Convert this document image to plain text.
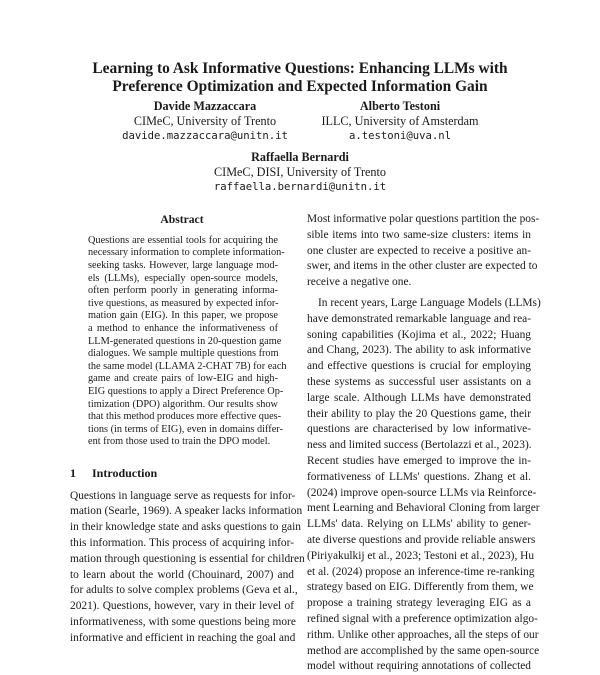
Learning to Ask Informative Questions: Enhancing LLMs with
Preference Optimization and Expected Information Gain
Davide Mazzaccara
CIMeC, University of Trento
davide.mazzaccara@unitn.it
Alberto Testoni
ILLC, University of Amsterdam
a.testoni@uva.nl
Raffaella Bernardi
CIMeC, DISI, University of Trento
raffaella.bernardi@unitn.it
Abstract
Questions are essential tools for acquiring the
necessary information to complete information-
seeking tasks. However, large language mod-
els (LLMs), especially open-source models,
often perform poorly in generating informa-
tive questions, as measured by expected infor-
mation gain (EIG). In this paper, we propose
a method to enhance the informativeness of
LLM-generated questions in 20-question game
dialogues. We sample multiple questions from
the same model (LLAMA 2-CHAT 7B) for each
game and create pairs of low-EIG and high-
EIG questions to apply a Direct Preference Op-
timization (DPO) algorithm. Our results show
that this method produces more effective ques-
tions (in terms of EIG), even in domains differ-
ent from those used to train the DPO model.
1 Introduction
Questions in language serve as requests for infor-
mation (Searle, 1969). A speaker lacks information
in their knowledge state and asks questions to gain
this information. This process of acquiring infor-
mation through questioning is essential for children
to learn about the world (Chouinard, 2007) and
for adults to solve complex problems (Geva et al.,
2021). Questions, however, vary in their level of
informativeness, with some questions being more
informative and efficient in reaching the goal and
Most informative polar questions partition the pos-
sible items into two same-size clusters: items in
one cluster are expected to receive a positive an-
swer, and items in the other cluster are expected to
receive a negative one.
In recent years, Large Language Models (LLMs)
have demonstrated remarkable language and rea-
soning capabilities (Kojima et al., 2022; Huang
and Chang, 2023). The ability to ask informative
and effective questions is crucial for employing
these systems as successful user assistants on a
large scale. Although LLMs have demonstrated
their ability to play the 20 Questions game, their
questions are characterised by low informative-
ness and limited success (Bertolazzi et al., 2023).
Recent studies have emerged to improve the in-
formativeness of LLMs' questions. Zhang et al.
(2024) improve open-source LLMs via Reinforce-
ment Learning and Behavioral Cloning from larger
LLMs' data. Relying on LLMs' ability to gener-
ate diverse questions and provide reliable answers
(Piriyakulkij et al., 2023; Testoni et al., 2023), Hu
et al. (2024) propose an inference-time re-ranking
strategy based on EIG. Differently from them, we
propose a training strategy leveraging EIG as a
refined signal with a preference optimization algo-
rithm. Unlike other approaches, all the steps of our
method are accomplished by the same open-source
model without requiring annotations of collected
